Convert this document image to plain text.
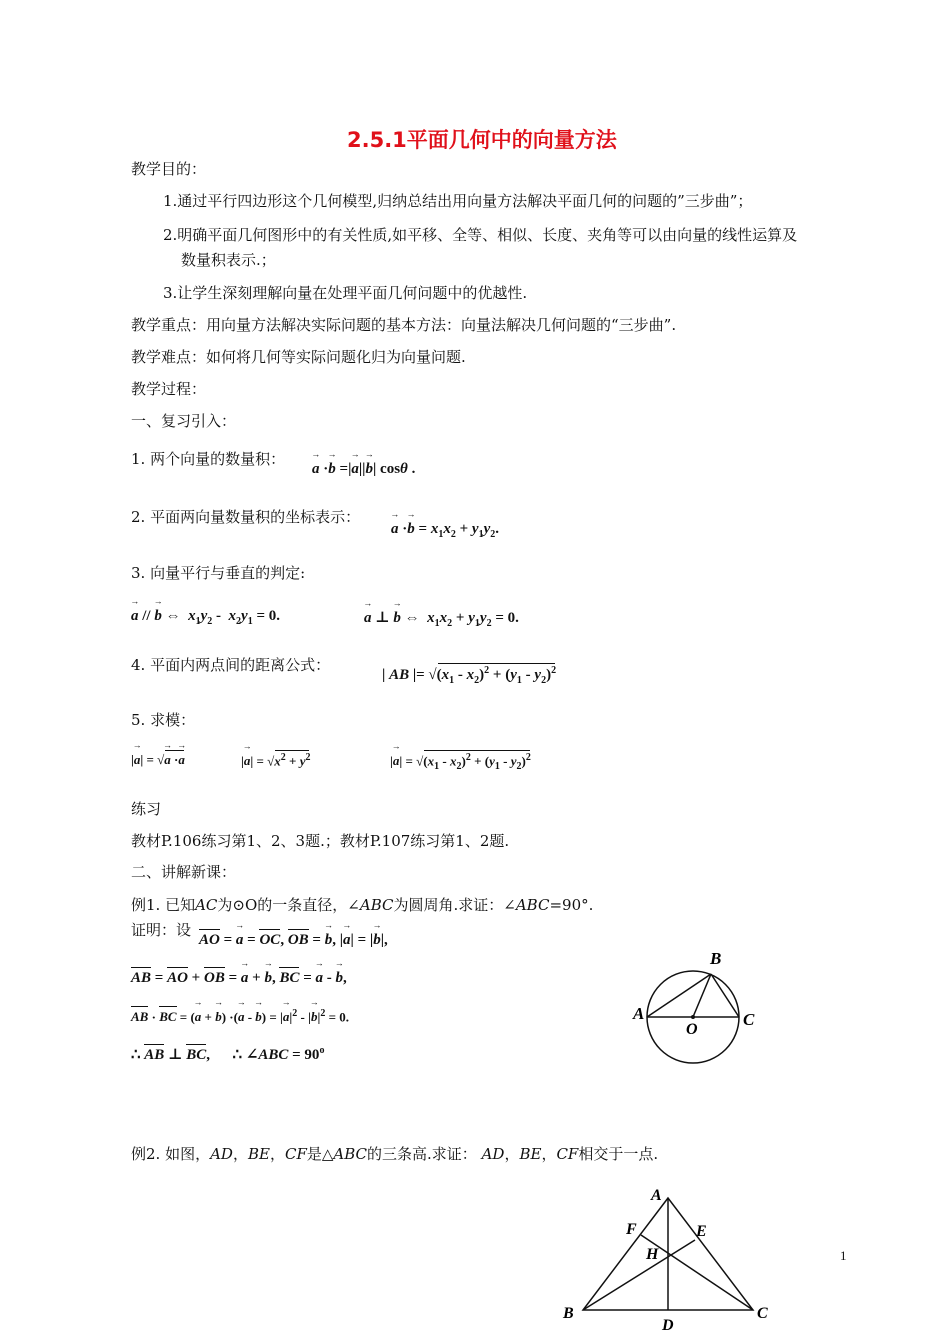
2.5.1平面几何中的向量方法
教学目的：
1.通过平行四边形这个几何模型,归纳总结出用向量方法解决平面几何的问题的”三步曲”；
2.明确平面几何图形中的有关性质,如平移、全等、相似、长度、夹角等可以由向量的线性运算及
数量积表示.；
3.让学生深刻理解向量在处理平面几何问题中的优越性.
教学重点：用向量方法解决实际问题的基本方法：向量法解决几何问题的“三步曲”.
教学难点：如何将几何等实际问题化归为向量问题.
教学过程：
一、复习引入：
1. 两个向量的数量积：
a → ·b → =|a →||b →| cosθ .
2. 平面两向量数量积的坐标表示：
a → ·b → = $x_1x_2 + y_1y_2$.
3. 向量平行与垂直的判定:
a → // b → ⇔  $x_1y_2 - x_2y_1 = 0$.	a → ⊥ b → ⇔  $x_1x_2 + y_1y_2 = 0$.
4. 平面内两点间的距离公式：
| AB |= $√(x_1 - x_2)^2 + (y_1 - y_2)^2$
5. 求模：
|a →| = √a → ·a →	|a →| = $√x^2 + y^2$	|a →| = $√(x_1 - x_2)^2 + (y_1 - y_2)^2$
练习
教材P.106练习第1、2、3题.；教材P.107练习第1、2题.
二、讲解新课：
例1. 已知AC为⊙O的一条直径，∠ABC为圆周角.求证：∠ABC=90°.
证明：设
AO = a → = OC, OB = b →, |a →| = |b →|,
AB = AO + OB = a → + b →, BC = a → - b →,
AB · BC = (a → + b →) ·(a → - b →) = $|a \to|^2 - |b \to|^2 = 0$.
∴ AB ⊥ BC,      ∴ ∠ABC = $90^o$
B
A	C
O
例2. 如图，AD，BE，CF是△ABC的三条高.求证： AD，BE，CF相交于一点.
A
F	E
H
B	C
D
1
